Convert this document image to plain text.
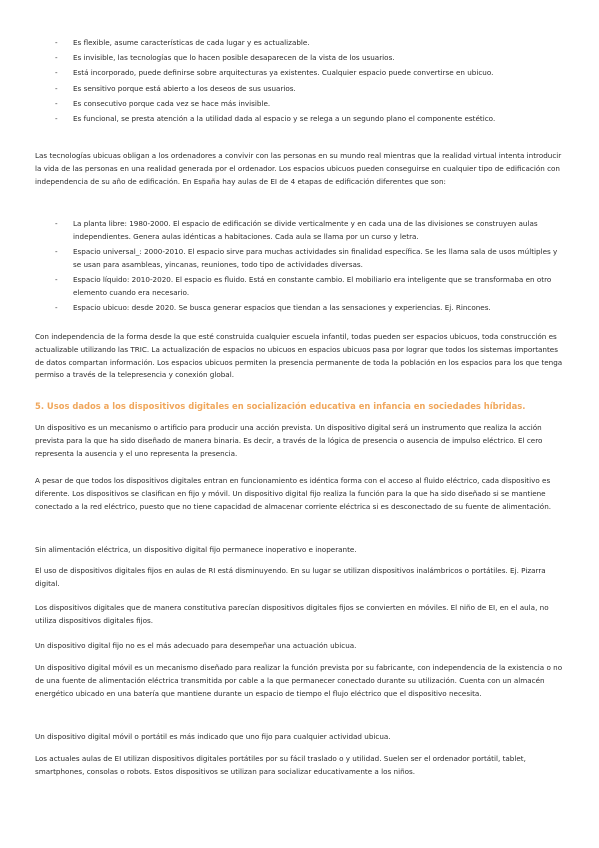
- Es flexible, asume características de cada lugar y es actualizable.
- Es invisible, las tecnologías que lo hacen posible desaparecen de la vista de los usuarios.
- Está incorporado, puede definirse sobre arquitecturas ya existentes. Cualquier espacio puede convertirse en ubicuo.
- Es sensitivo porque está abierto a los deseos de sus usuarios.
- Es consecutivo porque cada vez se hace más invisible.
- Es funcional, se presta atención a la utilidad dada al espacio y se relega a un segundo plano el componente estético.

Las tecnologías ubicuas obligan a los ordenadores a convivir con las personas en su mundo real mientras que la realidad virtual intenta introducir la vida de las personas en una realidad generada por el ordenador. Los espacios ubicuos pueden conseguirse en cualquier tipo de edificación con independencia de su año de edificación. En España hay aulas de EI de 4 etapas de edificación diferentes que son:

- La planta libre: 1980-2000. El espacio de edificación se divide verticalmente y en cada una de las divisiones se construyen aulas independientes. Genera aulas idénticas a habitaciones. Cada aula se llama por un curso y letra.
- Espacio universal_: 2000-2010. El espacio sirve para muchas actividades sin finalidad específica. Se les llama sala de usos múltiples y se usan para asambleas, yincanas, reuniones, todo tipo de actividades diversas.
- Espacio líquido: 2010-2020. El espacio es fluido. Está en constante cambio. El mobiliario era inteligente que se transformaba en otro elemento cuando era necesario.
- Espacio ubicuo: desde 2020. Se busca generar espacios que tiendan a las sensaciones y experiencias. Ej. Rincones.

Con independencia de la forma desde la que esté construida cualquier escuela infantil, todas pueden ser espacios ubicuos, toda construcción es actualizable utilizando las TRIC. La actualización de espacios no ubicuos en espacios ubicuos pasa por lograr que todos los sistemas importantes de datos compartan información. Los espacios ubicuos permiten la presencia permanente de toda la población en los espacios para los que tenga permiso a través de la telepresencia y conexión global.

5. Usos dados a los dispositivos digitales en socialización educativa en infancia en sociedades híbridas.

Un dispositivo es un mecanismo o artificio para producir una acción prevista. Un dispositivo digital será un instrumento que realiza la acción prevista para la que ha sido diseñado de manera binaria. Es decir, a través de la lógica de presencia o ausencia de impulso eléctrico. El cero representa la ausencia y el uno representa la presencia.

A pesar de que todos los dispositivos digitales entran en funcionamiento es idéntica forma con el acceso al fluido eléctrico, cada dispositivo es diferente. Los dispositivos se clasifican en fijo y móvil. Un dispositivo digital fijo realiza la función para la que ha sido diseñado si se mantiene conectado a la red eléctrico, puesto que no tiene capacidad de almacenar corriente eléctrica si es desconectado de su fuente de alimentación.

Sin alimentación eléctrica, un dispositivo digital fijo permanece inoperativo e inoperante.

El uso de dispositivos digitales fijos en aulas de RI está disminuyendo. En su lugar se utilizan dispositivos inalámbricos o portátiles. Ej. Pizarra digital.

Los dispositivos digitales que de manera constitutiva parecían dispositivos digitales fijos se convierten en móviles. El niño de EI, en el aula, no utiliza dispositivos digitales fijos.

Un dispositivo digital fijo no es el más adecuado para desempeñar una actuación ubicua.

Un dispositivo digital móvil es un mecanismo diseñado para realizar la función prevista por su fabricante, con independencia de la existencia o no de una fuente de alimentación eléctrica transmitida por cable a la que permanecer conectado durante su utilización. Cuenta con un almacén energético ubicado en una batería que mantiene durante un espacio de tiempo el flujo eléctrico que el dispositivo necesita.

Un dispositivo digital móvil o portátil es más indicado que uno fijo para cualquier actividad ubicua.

Los actuales aulas de EI utilizan dispositivos digitales portátiles por su fácil traslado o y utilidad. Suelen ser el ordenador portátil, tablet, smartphones, consolas o robots. Estos dispositivos se utilizan para socializar educativamente a los niños.
